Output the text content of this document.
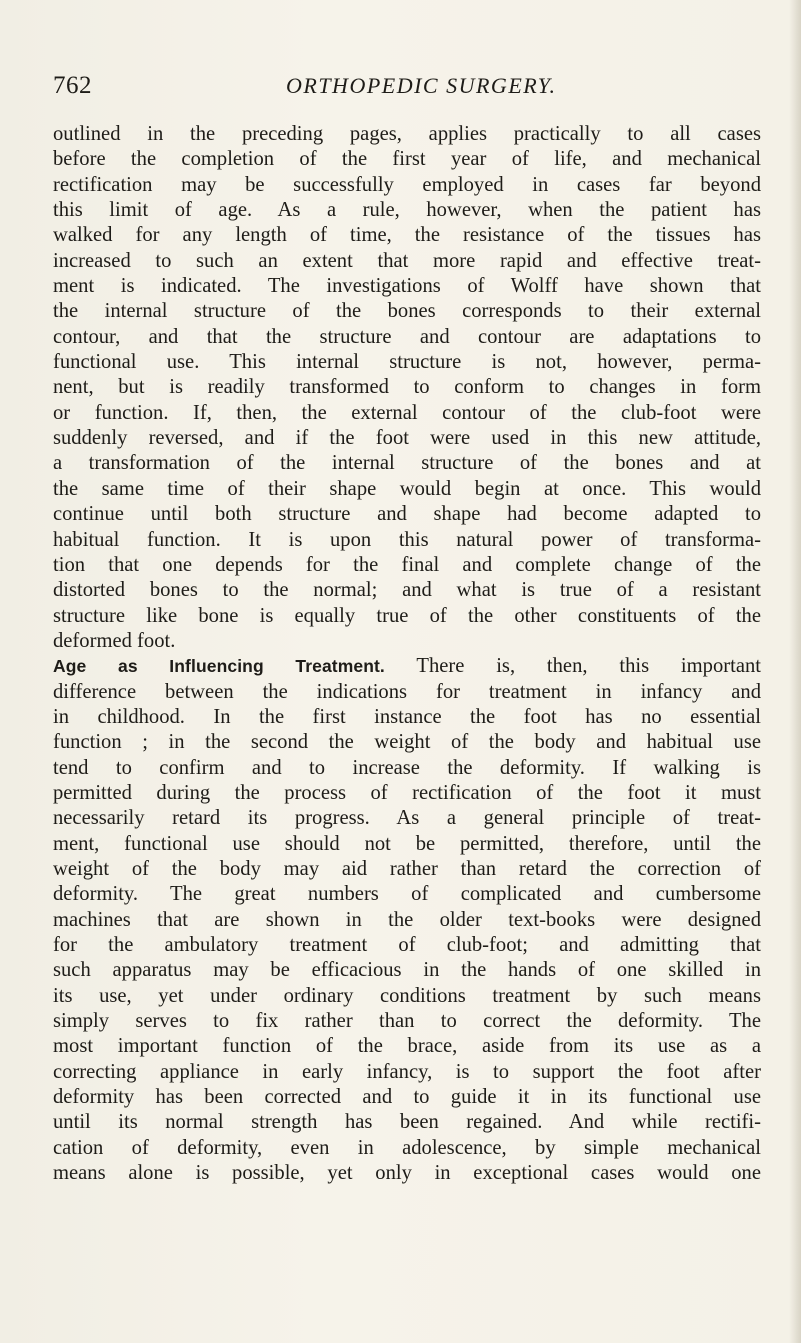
762	ORTHOPEDIC SURGERY.
outlined in the preceding pages, applies practically to all cases
before the completion of the first year of life, and mechanical
rectification may be successfully employed in cases far beyond
this limit of age. As a rule, however, when the patient has
walked for any length of time, the resistance of the tissues has
increased to such an extent that more rapid and effective treat-
ment is indicated. The investigations of Wolff have shown that
the internal structure of the bones corresponds to their external
contour, and that the structure and contour are adaptations to
functional use. This internal structure is not, however, perma-
nent, but is readily transformed to conform to changes in form
or function. If, then, the external contour of the club-foot were
suddenly reversed, and if the foot were used in this new attitude,
a transformation of the internal structure of the bones and at
the same time of their shape would begin at once. This would
continue until both structure and shape had become adapted to
habitual function. It is upon this natural power of transforma-
tion that one depends for the final and complete change of the
distorted bones to the normal; and what is true of a resistant
structure like bone is equally true of the other constituents of the
deformed foot.
Age as Influencing Treatment. There is, then, this important
difference between the indications for treatment in infancy and
in childhood. In the first instance the foot has no essential
function ; in the second the weight of the body and habitual use
tend to confirm and to increase the deformity. If walking is
permitted during the process of rectification of the foot it must
necessarily retard its progress. As a general principle of treat-
ment, functional use should not be permitted, therefore, until the
weight of the body may aid rather than retard the correction of
deformity. The great numbers of complicated and cumbersome
machines that are shown in the older text-books were designed
for the ambulatory treatment of club-foot; and admitting that
such apparatus may be efficacious in the hands of one skilled in
its use, yet under ordinary conditions treatment by such means
simply serves to fix rather than to correct the deformity. The
most important function of the brace, aside from its use as a
correcting appliance in early infancy, is to support the foot after
deformity has been corrected and to guide it in its functional use
until its normal strength has been regained. And while rectifi-
cation of deformity, even in adolescence, by simple mechanical
means alone is possible, yet only in exceptional cases would one
